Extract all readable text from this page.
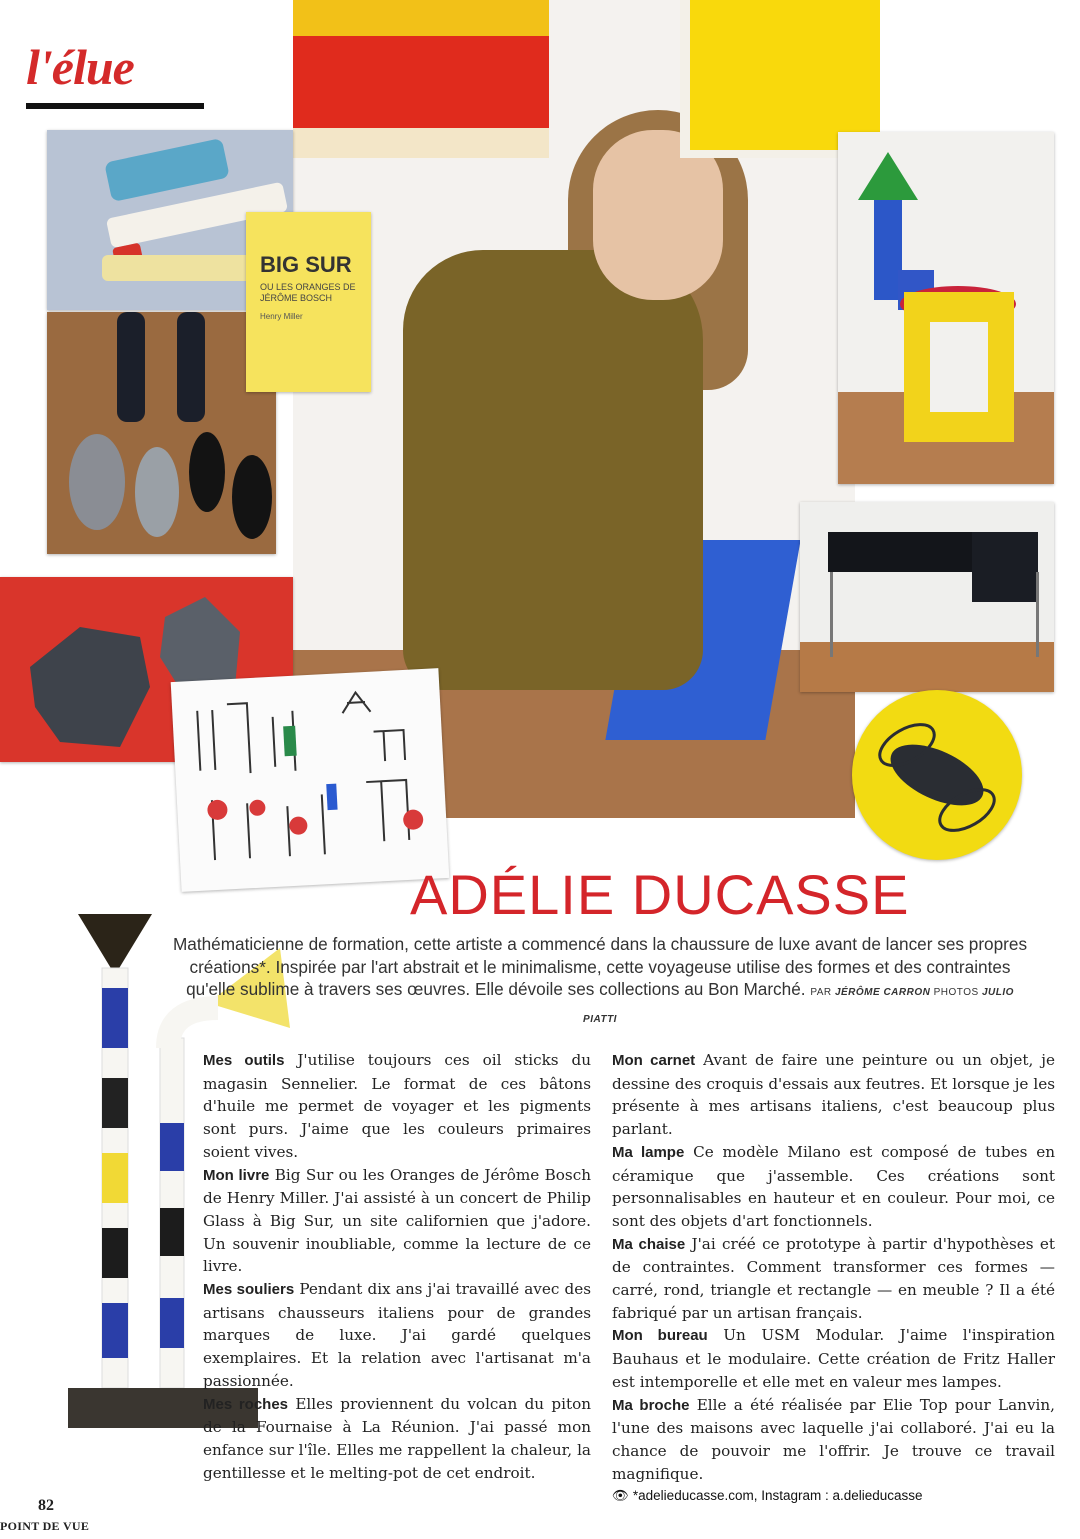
l'élue
BIG SUR
OU LES ORANGES DE JÉRÔME BOSCH
Henry Miller
ADÉLIE DUCASSE
Mathématicienne de formation, cette artiste a commencé dans la chaussure de luxe avant de lancer ses propres créations*. Inspirée par l'art abstrait et le minimalisme, cette voyageuse utilise des formes et des contraintes qu'elle sublime à travers ses œuvres. Elle dévoile ses collections au Bon Marché. PAR JÉRÔME CARRON PHOTOS JULIO PIATTI

Mes outils J'utilise toujours ces oil sticks du magasin Sennelier. Le format de ces bâtons d'huile me permet de voyager et les pigments sont purs. J'aime que les couleurs primaires soient vives.

Mon livre Big Sur ou les Oranges de Jérôme Bosch de Henry Miller. J'ai assisté à un concert de Philip Glass à Big Sur, un site californien que j'adore. Un souvenir inoubliable, comme la lecture de ce livre.

Mes souliers Pendant dix ans j'ai travaillé avec des artisans chausseurs italiens pour de grandes marques de luxe. J'ai gardé quelques exemplaires. Et la relation avec l'artisanat m'a passionnée.

Mes roches Elles proviennent du volcan du piton de la Fournaise à La Réunion. J'ai passé mon enfance sur l'île. Elles me rappellent la chaleur, la gentillesse et le melting-pot de cet endroit.

Mon carnet Avant de faire une peinture ou un objet, je dessine des croquis d'essais aux feutres. Et lorsque je les présente à mes artisans italiens, c'est beaucoup plus parlant.

Ma lampe Ce modèle Milano est composé de tubes en céramique que j'assemble. Ces créations sont personnalisables en hauteur et en couleur. Pour moi, ce sont des objets d'art fonctionnels.

Ma chaise J'ai créé ce prototype à partir d'hypothèses et de contraintes. Comment transformer ces formes — carré, rond, triangle et rectangle — en meuble ? Il a été fabriqué par un artisan français.

Mon bureau Un USM Modular. J'aime l'inspiration Bauhaus et le modulaire. Cette création de Fritz Haller est intemporelle et elle met en valeur mes lampes.

Ma broche Elle a été réalisée par Elie Top pour Lanvin, l'une des maisons avec laquelle j'ai collaboré. J'ai eu la chance de pouvoir me l'offrir. Je trouve ce travail magnifique.

👁 *adelieducasse.com, Instagram : a.delieducasse

82
POINT DE VUE
